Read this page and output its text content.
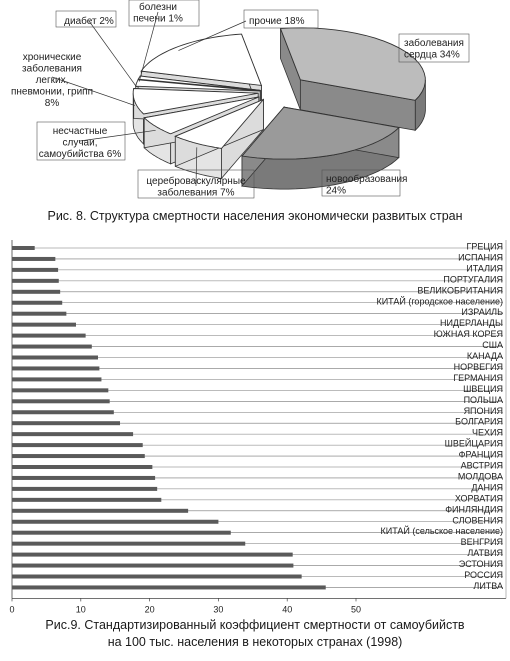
заболевания сердца 34%
новообразования 24%
цереброваскулярные заболевания 7%
несчастные случаи, самоубийства 6%
хронические заболевания легких, пневмонии, грипп 8%
диабет 2%
болезни печени 1%	прочие 18%
Рис. 8. Структура смертности населения экономически развитых стран
ГРЕЦИЯ
ИСПАНИЯ
ИТАЛИЯ
ПОРТУГАЛИЯ
ВЕЛИКОБРИТАНИЯ
КИТАЙ (городское население)
ИЗРАИЛЬ
НИДЕРЛАНДЫ
ЮЖНАЯ КОРЕЯ
США
КАНАДА
НОРВЕГИЯ
ГЕРМАНИЯ
ШВЕЦИЯ
ПОЛЬША
ЯПОНИЯ
БОЛГАРИЯ
ЧЕХИЯ
ШВЕЙЦАРИЯ
ФРАНЦИЯ
АВСТРИЯ
МОЛДОВА
ДАНИЯ
ХОРВАТИЯ
ФИНЛЯНДИЯ
СЛОВЕНИЯ
КИТАЙ (сельское население)
ВЕНГРИЯ
ЛАТВИЯ
ЭСТОНИЯ
РОССИЯ
ЛИТВА
0	10	20	30	40	50
Рис.9. Стандартизированный коэффициент смертности от самоубийств
на 100 тыс. населения в некоторых странах (1998)
